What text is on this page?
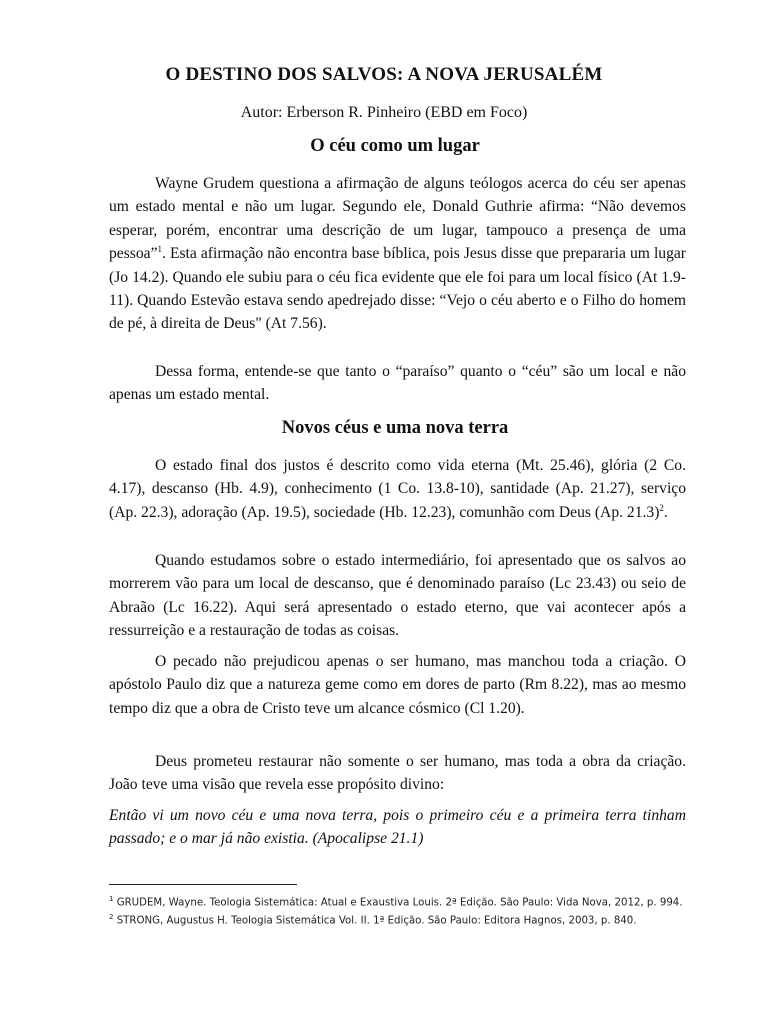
O DESTINO DOS SALVOS: A NOVA JERUSALÉM
Autor: Erberson R. Pinheiro (EBD em Foco)
O céu como um lugar

Wayne Grudem questiona a afirmação de alguns teólogos acerca do céu ser apenas um estado mental e não um lugar. Segundo ele, Donald Guthrie afirma: “Não devemos esperar, porém, encontrar uma descrição de um lugar, tampouco a presença de uma pessoa”$^1$. Esta afirmação não encontra base bíblica, pois Jesus disse que prepararia um lugar (Jo 14.2). Quando ele subiu para o céu fica evidente que ele foi para um local físico (At 1.9-11). Quando Estevão estava sendo apedrejado disse: “Vejo o céu aberto e o Filho do homem de pé, à direita de Deus" (At 7.56).

Dessa forma, entende-se que tanto o “paraíso” quanto o “céu” são um local e não apenas um estado mental.

Novos céus e uma nova terra

O estado final dos justos é descrito como vida eterna (Mt. 25.46), glória (2 Co. 4.17), descanso (Hb. 4.9), conhecimento (1 Co. 13.8-10), santidade (Ap. 21.27), serviço (Ap. 22.3), adoração (Ap. 19.5), sociedade (Hb. 12.23), comunhão com Deus (Ap. 21.3)$^2$.

Quando estudamos sobre o estado intermediário, foi apresentado que os salvos ao morrerem vão para um local de descanso, que é denominado paraíso (Lc 23.43) ou seio de Abraão (Lc 16.22). Aqui será apresentado o estado eterno, que vai acontecer após a ressurreição e a restauração de todas as coisas.

O pecado não prejudicou apenas o ser humano, mas manchou toda a criação. O apóstolo Paulo diz que a natureza geme como em dores de parto (Rm 8.22), mas ao mesmo tempo diz que a obra de Cristo teve um alcance cósmico (Cl 1.20).

Deus prometeu restaurar não somente o ser humano, mas toda a obra da criação. João teve uma visão que revela esse propósito divino:

Então vi um novo céu e uma nova terra, pois o primeiro céu e a primeira terra tinham passado; e o mar já não existia. (Apocalipse 21.1)

$^1$ GRUDEM, Wayne. Teologia Sistemática: Atual e Exaustiva Louis. 2ª Edição. São Paulo: Vida Nova, 2012, p. 994.

$^2$ STRONG, Augustus H. Teologia Sistemática Vol. II. 1ª Edição. São Paulo: Editora Hagnos, 2003, p. 840.
